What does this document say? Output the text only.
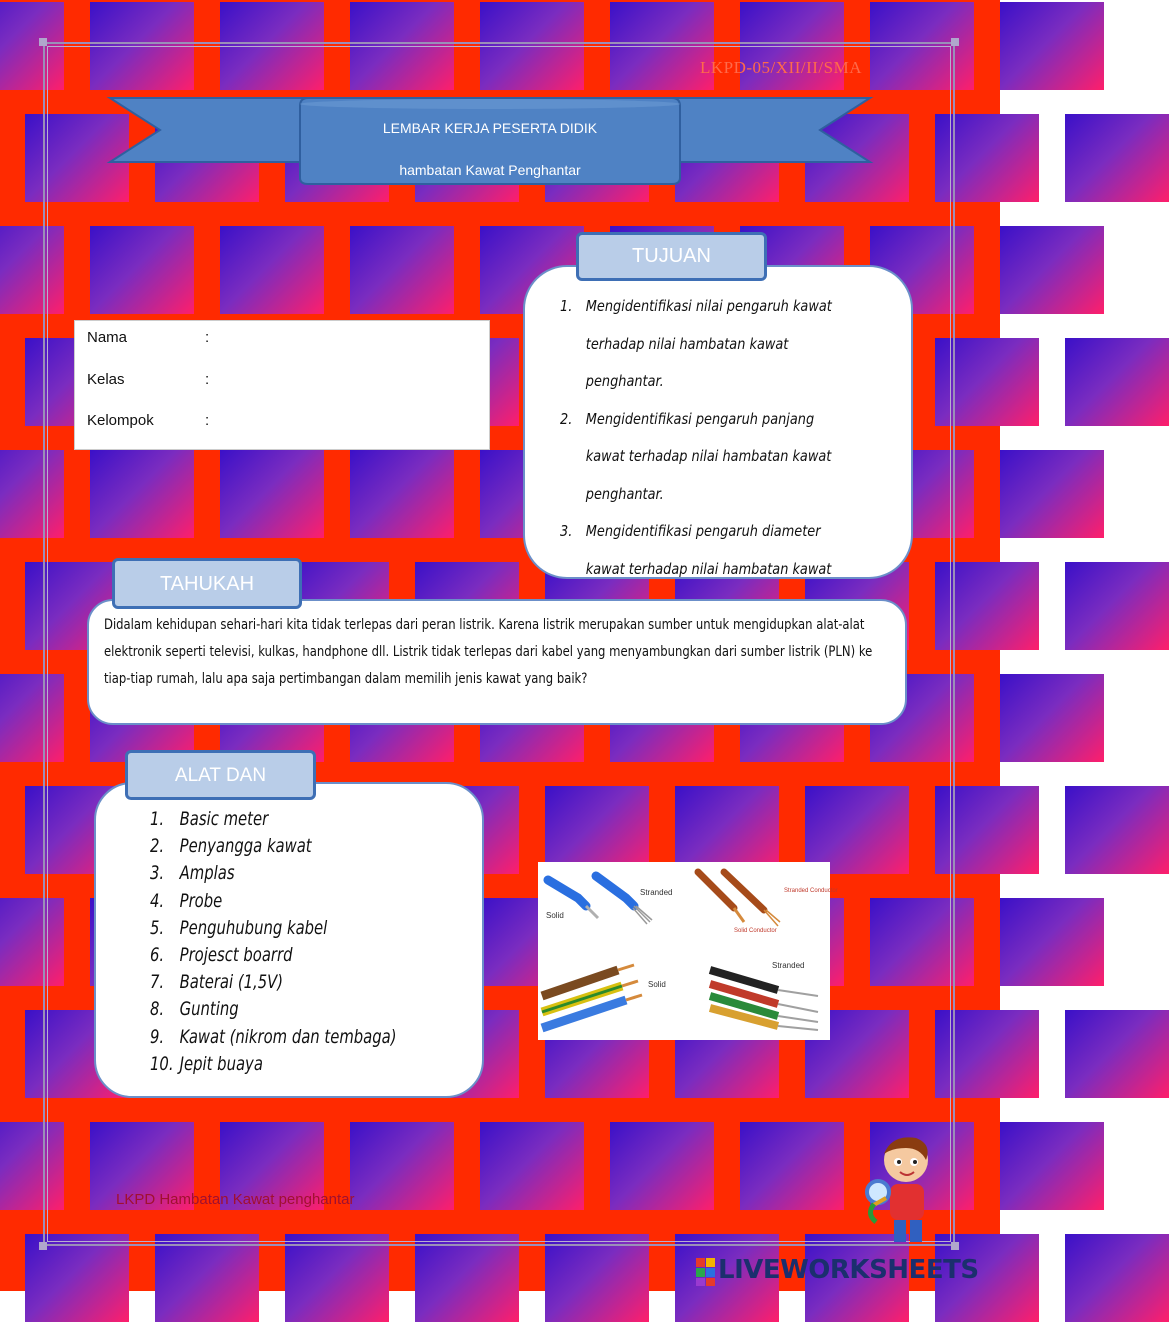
LKPD-05/XII/II/SMA
LEMBAR KERJA PESERTA DIDIK
hambatan Kawat Penghantar
Nama	:
Kelas	:
Kelompok	:
TUJUAN
1. Mengidentifikasi nilai pengaruh kawat terhadap nilai hambatan kawat penghantar.
2. Mengidentifikasi pengaruh panjang kawat terhadap nilai hambatan kawat penghantar.
3. Mengidentifikasi pengaruh diameter kawat terhadap nilai hambatan kawat
TAHUKAH
Didalam kehidupan sehari-hari kita tidak terlepas dari peran listrik. Karena listrik merupakan sumber untuk mengidupkan alat-alat elektronik seperti televisi, kulkas, handphone dll. Listrik tidak terlepas dari kabel yang menyambungkan dari sumber listrik (PLN) ke tiap-tiap rumah, lalu apa saja pertimbangan dalam memilih jenis kawat yang baik?
ALAT DAN
1. Basic meter
2. Penyangga kawat
3. Amplas
4. Probe
5. Penguhubung kabel
6. Projesct boarrd
7. Baterai (1,5V)
8. Gunting
9. Kawat (nikrom dan tembaga)
10. Jepit buaya
Solid
Stranded	Stranded Conductor
Solid Conductor
Solid
Stranded
LKPD Hambatan Kawat penghantar
LIVEWORKSHEETS
